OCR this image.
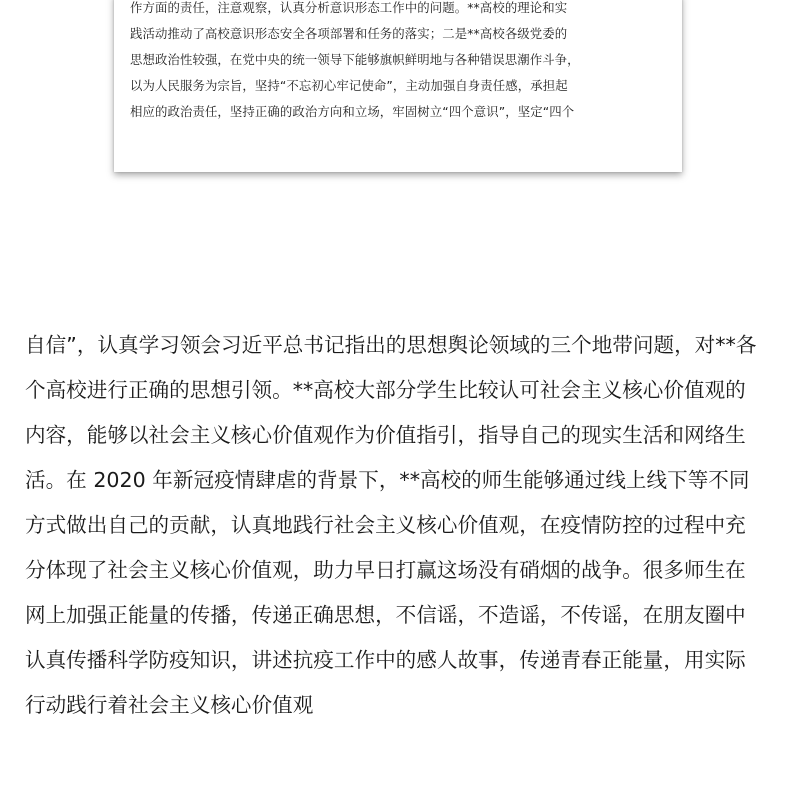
作方面的责任，注意观察，认真分析意识形态工作中的问题。**高校的理论和实
践活动推动了高校意识形态安全各项部署和任务的落实；二是**高校各级党委的
思想政治性较强，在党中央的统一领导下能够旗帜鲜明地与各种错误思潮作斗争，
以为人民服务为宗旨，坚持“不忘初心牢记使命”，主动加强自身责任感，承担起
相应的政治责任，坚持正确的政治方向和立场，牢固树立“四个意识”，坚定“四个
自信”，认真学习领会习近平总书记指出的思想舆论领域的三个地带问题，对**各
个高校进行正确的思想引领。**高校大部分学生比较认可社会主义核心价值观的
内容，能够以社会主义核心价值观作为价值指引，指导自己的现实生活和网络生
活。在 2020 年新冠疫情肆虐的背景下，**高校的师生能够通过线上线下等不同
方式做出自己的贡献，认真地践行社会主义核心价值观，在疫情防控的过程中充
分体现了社会主义核心价值观，助力早日打赢这场没有硝烟的战争。很多师生在
网上加强正能量的传播，传递正确思想，不信谣，不造谣，不传谣，在朋友圈中
认真传播科学防疫知识，讲述抗疫工作中的感人故事，传递青春正能量，用实际
行动践行着社会主义核心价值观
